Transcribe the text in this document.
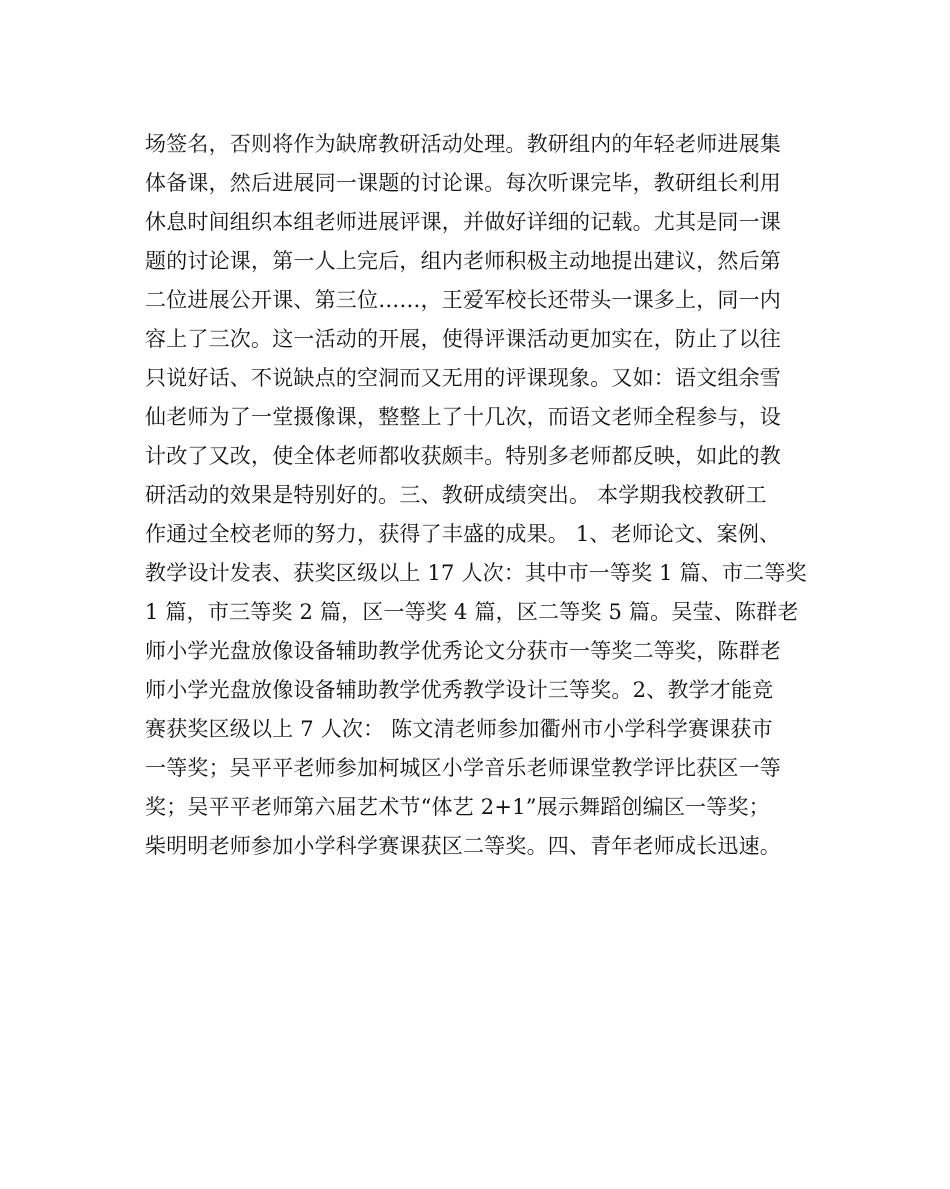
场签名，否则将作为缺席教研活动处理。教研组内的年轻老师进展集
体备课，然后进展同一课题的讨论课。每次听课完毕，教研组长利用
休息时间组织本组老师进展评课，并做好详细的记载。尤其是同一课
题的讨论课，第一人上完后，组内老师积极主动地提出建议，然后第
二位进展公开课、第三位……，王爱军校长还带头一课多上，同一内
容上了三次。这一活动的开展，使得评课活动更加实在，防止了以往
只说好话、不说缺点的空洞而又无用的评课现象。又如：语文组余雪
仙老师为了一堂摄像课，整整上了十几次，而语文老师全程参与，设
计改了又改，使全体老师都收获颇丰。特别多老师都反映，如此的教
研活动的效果是特别好的。三、教研成绩突出。 本学期我校教研工
作通过全校老师的努力，获得了丰盛的成果。 1、老师论文、案例、
教学设计发表、获奖区级以上 17 人次：其中市一等奖 1 篇、市二等奖
1 篇，市三等奖 2 篇，区一等奖 4 篇，区二等奖 5 篇。吴莹、陈群老
师小学光盘放像设备辅助教学优秀论文分获市一等奖二等奖，陈群老
师小学光盘放像设备辅助教学优秀教学设计三等奖。2、教学才能竞
赛获奖区级以上 7 人次： 陈文清老师参加衢州市小学科学赛课获市
一等奖；吴平平老师参加柯城区小学音乐老师课堂教学评比获区一等
奖；吴平平老师第六届艺术节“体艺 2+1”展示舞蹈创编区一等奖；
柴明明老师参加小学科学赛课获区二等奖。四、青年老师成长迅速。
